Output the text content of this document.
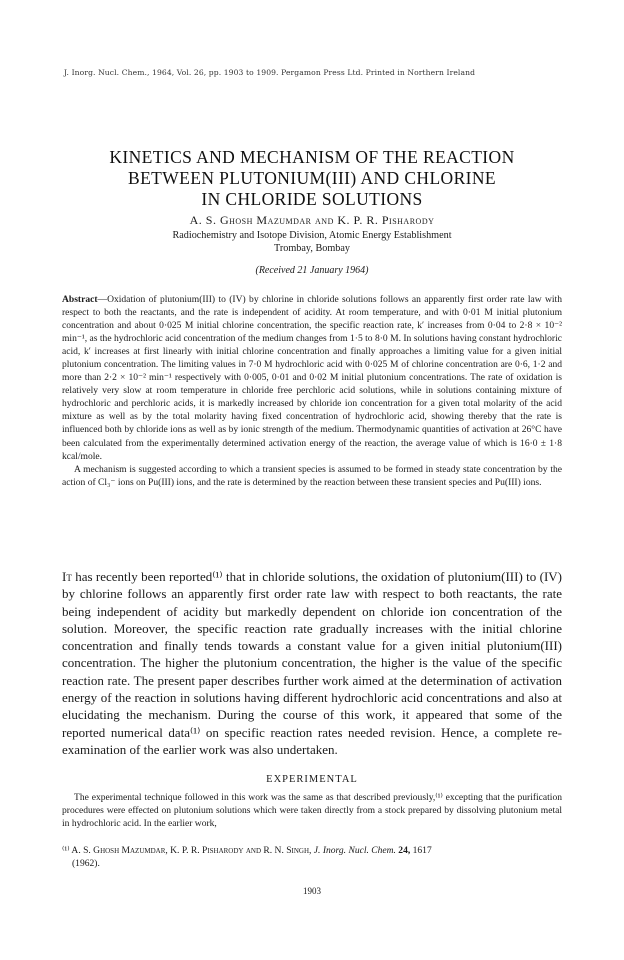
J. Inorg. Nucl. Chem., 1964, Vol. 26, pp. 1903 to 1909. Pergamon Press Ltd. Printed in Northern Ireland
KINETICS AND MECHANISM OF THE REACTION
BETWEEN PLUTONIUM(III) AND CHLORINE
IN CHLORIDE SOLUTIONS
A. S. Ghosh Mazumdar and K. P. R. Pisharody
Radiochemistry and Isotope Division, Atomic Energy Establishment
Trombay, Bombay
(Received 21 January 1964)

Abstract—Oxidation of plutonium(III) to (IV) by chlorine in chloride solutions follows an apparently first order rate law with respect to both the reactants, and the rate is independent of acidity. At room temperature, and with 0·01 M initial plutonium concentration and about 0·025 M initial chlorine concentration, the specific reaction rate, k′ increases from 0·04 to 2·8 × 10⁻² min⁻¹, as the hydrochloric acid concentration of the medium changes from 1·5 to 8·0 M. In solutions having constant hydrochloric acid, k′ increases at first linearly with initial chlorine concentration and finally approaches a limiting value for a given initial plutonium concentration. The limiting values in 7·0 M hydrochloric acid with 0·025 M of chlorine concentration are 0·6, 1·2 and more than 2·2 × 10⁻² min⁻¹ respectively with 0·005, 0·01 and 0·02 M initial plutonium concentrations. The rate of oxidation is relatively very slow at room temperature in chloride free perchloric acid solutions, while in solutions containing mixture of hydrochloric and perchloric acids, it is markedly increased by chloride ion concentration for a given total molarity of the acid mixture as well as by the total molarity having fixed concentration of hydrochloric acid, showing thereby that the rate is influenced both by chloride ions as well as by ionic strength of the medium. Thermodynamic quantities of activation at 26°C have been calculated from the experimentally determined activation energy of the reaction, the average value of which is 16·0 ± 1·8 kcal/mole.

A mechanism is suggested according to which a transient species is assumed to be formed in steady state concentration by the action of Cl₃⁻ ions on Pu(III) ions, and the rate is determined by the reaction between these transient species and Pu(III) ions.

It has recently been reported⁽¹⁾ that in chloride solutions, the oxidation of plutonium(III) to (IV) by chlorine follows an apparently first order rate law with respect to both reactants, the rate being independent of acidity but markedly dependent on chloride ion concentration of the solution. Moreover, the specific reaction rate gradually increases with the initial chlorine concentration and finally tends towards a constant value for a given initial plutonium(III) concentration. The higher the plutonium concentration, the higher is the value of the specific reaction rate. The present paper describes further work aimed at the determination of activation energy of the reaction in solutions having different hydrochloric acid concentrations and also at elucidating the mechanism. During the course of this work, it appeared that some of the reported numerical data⁽¹⁾ on specific reaction rates needed revision. Hence, a complete re-examination of the earlier work was also undertaken.

EXPERIMENTAL

The experimental technique followed in this work was the same as that described previously,⁽¹⁾ excepting that the purification procedures were effected on plutonium solutions which were taken directly from a stock prepared by dissolving plutonium metal in hydrochloric acid. In the earlier work,

⁽¹⁾ A. S. Ghosh Mazumdar, K. P. R. Pisharody and R. N. Singh, J. Inorg. Nucl. Chem. 24, 1617
(1962).
1903
